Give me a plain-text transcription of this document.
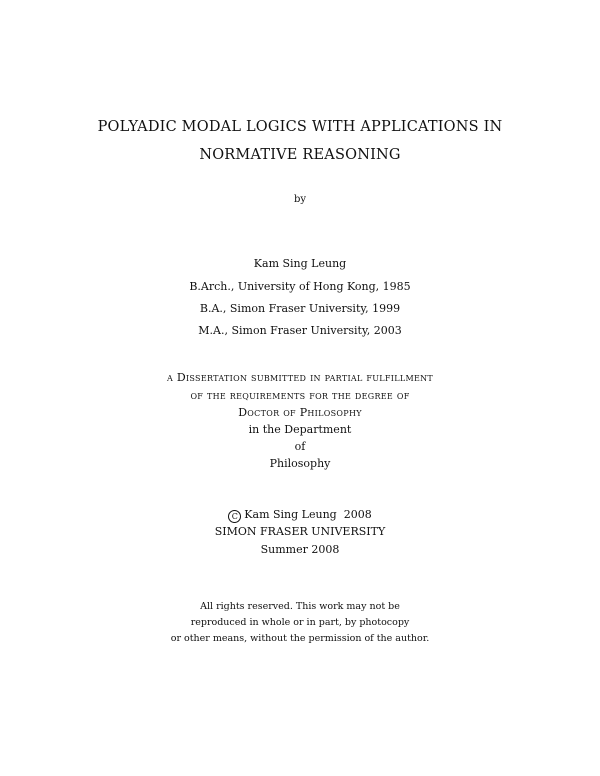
POLYADIC MODAL LOGICS WITH APPLICATIONS IN
NORMATIVE REASONING
by
Kam Sing Leung
B.Arch., University of Hong Kong, 1985
B.A., Simon Fraser University, 1999
M.A., Simon Fraser University, 2003
a Dissertation submitted in partial fulfillment
of the requirements for the degree of
Doctor of Philosophy
in the Department
of
Philosophy
C Kam Sing Leung  2008
SIMON FRASER UNIVERSITY
Summer 2008
All rights reserved. This work may not be
reproduced in whole or in part, by photocopy
or other means, without the permission of the author.
